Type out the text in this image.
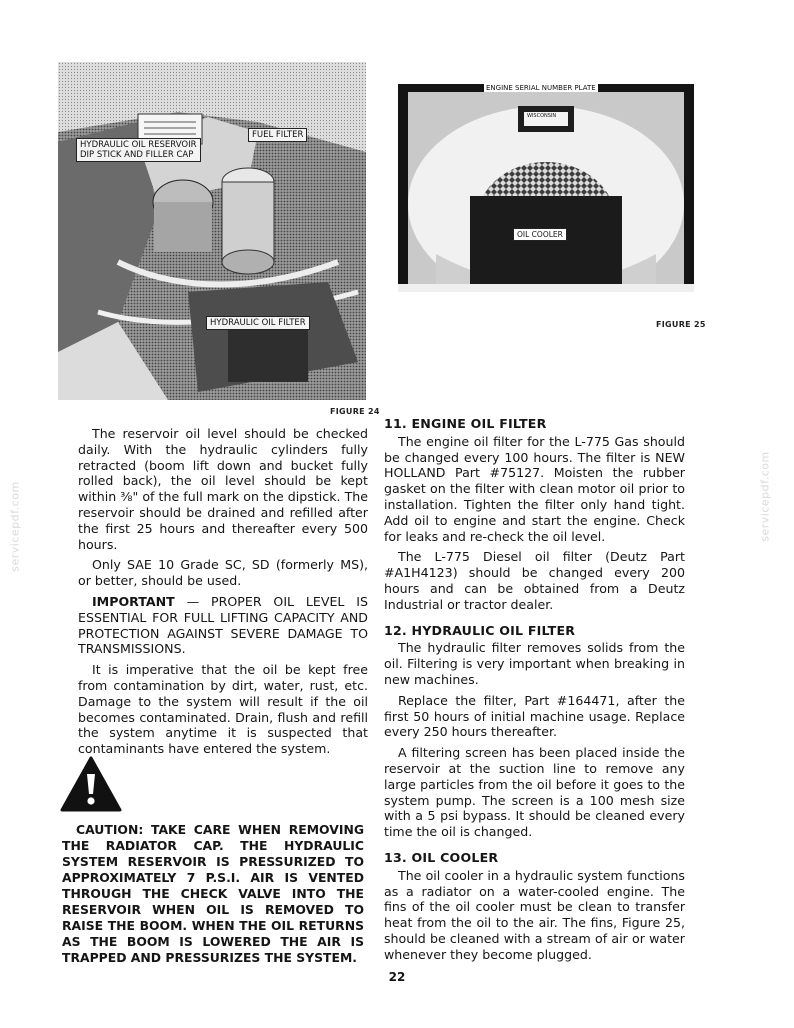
servicepdf.com	servicepdf.com
HYDRAULIC OIL RESERVOIR
DIP STICK AND FILLER CAP
FUEL FILTER
HYDRAULIC OIL FILTER
FIGURE 24
ENGINE SERIAL NUMBER PLATE
WISCONSIN
OIL COOLER
FIGURE 25

The reservoir oil level should be checked daily. With the hydraulic cylinders fully retracted (boom lift down and bucket fully rolled back), the oil level should be kept within ⅜" of the full mark on the dipstick. The reservoir should be drained and refilled after the first 25 hours and thereafter every 500 hours.

Only SAE 10 Grade SC, SD (formerly MS), or better, should be used.

IMPORTANT — PROPER OIL LEVEL IS ESSENTIAL FOR FULL LIFTING CAPACITY AND PROTECTION AGAINST SEVERE DAMAGE TO TRANSMISSIONS.

It is imperative that the oil be kept free from contamination by dirt, water, rust, etc. Damage to the system will result if the oil becomes contaminated. Drain, flush and refill the system anytime it is suspected that contaminants have entered the system.

CAUTION: TAKE CARE WHEN REMOVING THE RADIATOR CAP. THE HYDRAULIC SYSTEM RESERVOIR IS PRESSURIZED TO APPROXIMATELY 7 P.S.I. AIR IS VENTED THROUGH THE CHECK VALVE INTO THE RESERVOIR WHEN OIL IS REMOVED TO RAISE THE BOOM. WHEN THE OIL RETURNS AS THE BOOM IS LOWERED THE AIR IS TRAPPED AND PRESSURIZES THE SYSTEM.
11. ENGINE OIL FILTER

The engine oil filter for the L-775 Gas should be changed every 100 hours. The filter is NEW HOLLAND Part #75127. Moisten the rubber gasket on the filter with clean motor oil prior to installation. Tighten the filter only hand tight. Add oil to engine and start the engine. Check for leaks and re-check the oil level.

The L-775 Diesel oil filter (Deutz Part #A1H4123) should be changed every 200 hours and can be obtained from a Deutz Industrial or tractor dealer.

12. HYDRAULIC OIL FILTER

The hydraulic filter removes solids from the oil. Filtering is very important when breaking in new machines.

Replace the filter, Part #164471, after the first 50 hours of initial machine usage. Replace every 250 hours thereafter.

A filtering screen has been placed inside the reservoir at the suction line to remove any large particles from the oil before it goes to the system pump. The screen is a 100 mesh size with a 5 psi bypass. It should be cleaned every time the oil is changed.

13. OIL COOLER

The oil cooler in a hydraulic system functions as a radiator on a water-cooled engine. The fins of the oil cooler must be clean to transfer heat from the oil to the air. The fins, Figure 25, should be cleaned with a stream of air or water whenever they become plugged.

22
